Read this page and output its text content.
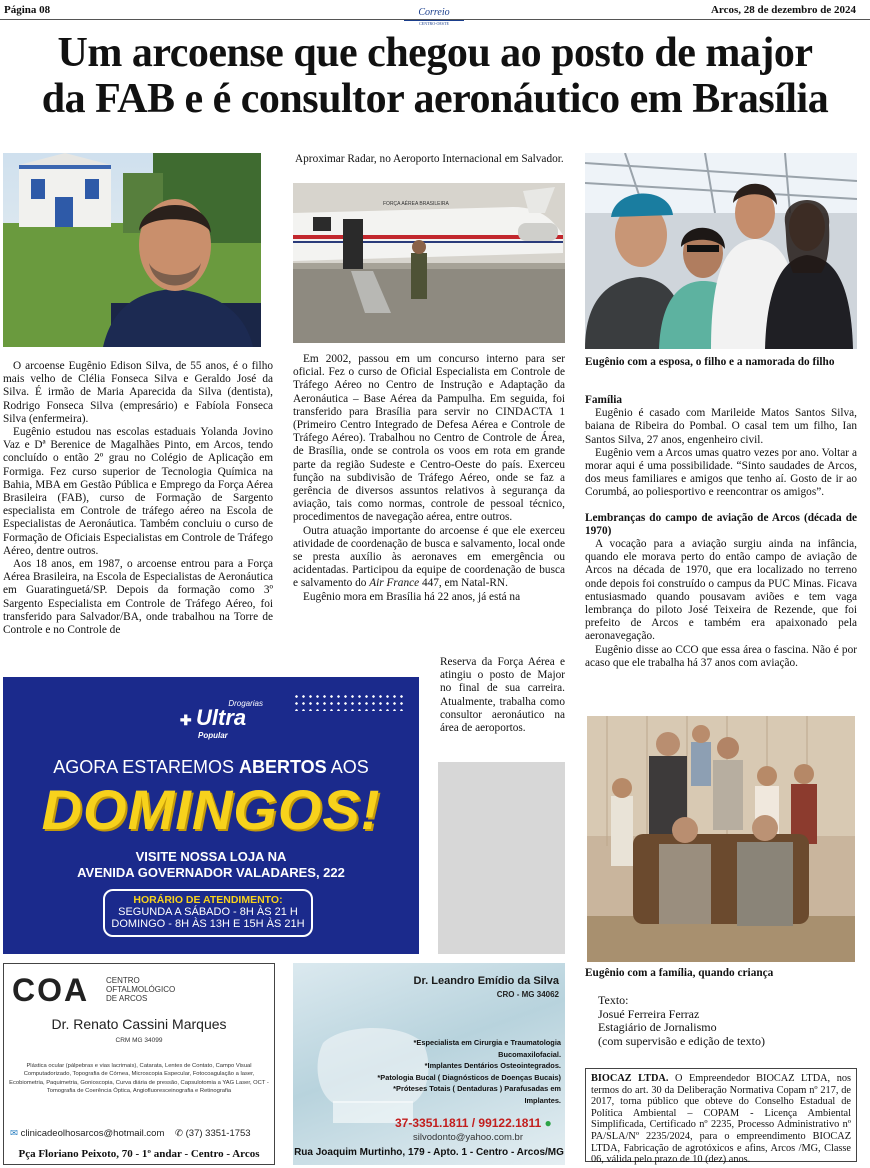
Página 08	Correio
CENTRO-OESTE
Arcos, 28 de dezembro de 2024
Um arcoense que chegou ao posto de major
da FAB e é consultor aeronáutico em Brasília

O arcoense Eugênio Edison Silva, de 55 anos, é o filho mais velho de Clélia Fonseca Silva e Geraldo José da Silva. É irmão de Maria Aparecida da Silva (dentista), Rodrigo Fonseca Silva (empresário) e Fabíola Fonseca Silva (enfermeira).

Eugênio estudou nas escolas estaduais Yolanda Jovino Vaz e Dª Berenice de Magalhães Pinto, em Arcos, tendo concluído o então 2º grau no Colégio de Aplicação em Formiga. Fez curso superior de Tecnologia Química na Bahia, MBA em Gestão Pública e Emprego da Força Aérea Brasileira (FAB), curso de Formação de Sargento especialista em Controle de tráfego aéreo na Escola de Especialistas de Aeronáutica. Também concluiu o curso de Formação de Oficiais Especialistas em Controle de Tráfego Aéreo, dentre outros.

Aos 18 anos, em 1987, o arcoense entrou para a Força Aérea Brasileira, na Escola de Especialistas de Aeronáutica em Guaratinguetá/SP. Depois da formação como 3º Sargento Especialista em Controle de Tráfego Aéreo, foi transferido para Salvador/BA, onde trabalhou na Torre de Controle e no Controle de

Aproximar Radar, no Aeroporto Internacional em Salvador.

FORÇA AÉREA BRASILEIRA

Em 2002, passou em um concurso interno para ser oficial. Fez o curso de Oficial Especialista em Controle de Tráfego Aéreo no Centro de Instrução e Adaptação da Aeronáutica – Base Aérea da Pampulha. Em seguida, foi transferido para Brasília para servir no CINDACTA 1 (Primeiro Centro Integrado de Defesa Aérea e Controle de Tráfego Aéreo). Trabalhou no Centro de Controle de Área, de Brasília, onde se controla os voos em rota em grande parte da região Sudeste e Centro-Oeste do país. Exerceu função na subdivisão de Tráfego Aéreo, onde se faz a gerência de diversos assuntos relativos à segurança da aviação, tais como normas, controle de pessoal técnico, procedimentos de navegação aérea, entre outros.

Outra atuação importante do arcoense é que ele exerceu atividade de coordenação de busca e salvamento, local onde se presta auxílio às aeronaves em emergência ou acidentadas. Participou da equipe de coordenação de busca e salvamento do Air France 447, em Natal-RN.

Eugênio mora em Brasília há 22 anos, já está na

Reserva da Força Aérea e atingiu o posto de Major no final de sua carreira. Atualmente, trabalha como consultor aeronáutico na área de aeroportos.
Eugênio com a esposa, o filho e a namorada do filho
Família

Eugênio é casado com Marileide Matos Santos Silva, baiana de Ribeira do Pombal. O casal tem um filho, Ian Santos Silva, 27 anos, engenheiro civil.

Eugênio vem a Arcos umas quatro vezes por ano. Voltar a morar aqui é uma possibilidade. “Sinto saudades de Arcos, dos meus familiares e amigos que tenho aí. Gosto de ir ao Corumbá, ao poliesportivo e reencontrar os amigos”.

Lembranças do campo de aviação de Arcos (década de 1970)

A vocação para a aviação surgiu ainda na infância, quando ele morava perto do então campo de aviação de Arcos na década de 1970, que era localizado no terreno onde depois foi construído o campus da PUC Minas. Ficava entusiasmado quando pousavam aviões e tem vaga lembrança do piloto José Teixeira de Rezende, que foi prefeito de Arcos e também era apaixonado pela aeronavegação.

Eugênio disse ao CCO que essa área o fascina. Não é por acaso que ele trabalha há 37 anos com aviação.

Eugênio com a família, quando criança
Texto:
Josué Ferreira Ferraz
Estagiário de Jornalismo
(com supervisão e edição de texto)
BIOCAZ LTDA. O Empreendedor BIOCAZ LTDA, nos termos do art. 30 da Deliberação Normativa Copam nº 217, de 2017, torna público que obteve do Conselho Estadual de Política Ambiental – COPAM - Licença Ambiental Simplificada, Certificado nº 2235, Processo Administrativo nº PA/SLA/Nº 2235/2024, para o empreendimento BIOCAZ LTDA, Fabricação de agrotóxicos e afins, Arcos /MG, Classe 06, válida pelo prazo de 10 (dez) anos.
Drogarias
✚ Ultra
Popular
AGORA ESTAREMOS ABERTOS AOS
DOMINGOS!
VISITE NOSSA LOJA NA
AVENIDA GOVERNADOR VALADARES, 222
HORÁRIO DE ATENDIMENTO:
SEGUNDA A SÁBADO - 8H ÀS 21 H
DOMINGO - 8H ÀS 13H E 15H ÀS 21H
COA CENTRO
OFTALMOLÓGICO
DE ARCOS
Dr. Renato Cassini Marques
CRM MG 34099
Plástica ocular (pálpebras e vias lacrimais), Catarata, Lentes de Contato, Campo Visual Computadorizado, Topografia de Córnea, Microscopia Especular, Fotocoagulação a laser, Ecobiometria, Paquimetria, Gonioscopia, Curva diária de pressão, Capsulotomia a YAG Laser, OCT - Tomografia de Coerência Óptica, Angiofluoresceinografia e Retinografia
✉ clinicadeolhosarcos@hotmail.com ✆ (37) 3351-1753
Pça Floriano Peixoto, 70 - 1º andar - Centro - Arcos
Dr. Leandro Emídio da Silva
CRO - MG 34062
*Especialista em Cirurgia e Traumatologia Bucomaxilofacial.
*Implantes Dentários Osteointegrados.
*Patologia Bucal ( Diagnósticos de Doenças Bucais)
*Próteses Totais ( Dentaduras ) Parafusadas em Implantes.
37-3351.1811 / 99122.1811 ●
silvodonto@yahoo.com.br
Rua Joaquim Murtinho, 179 - Apto. 1 - Centro - Arcos/MG
